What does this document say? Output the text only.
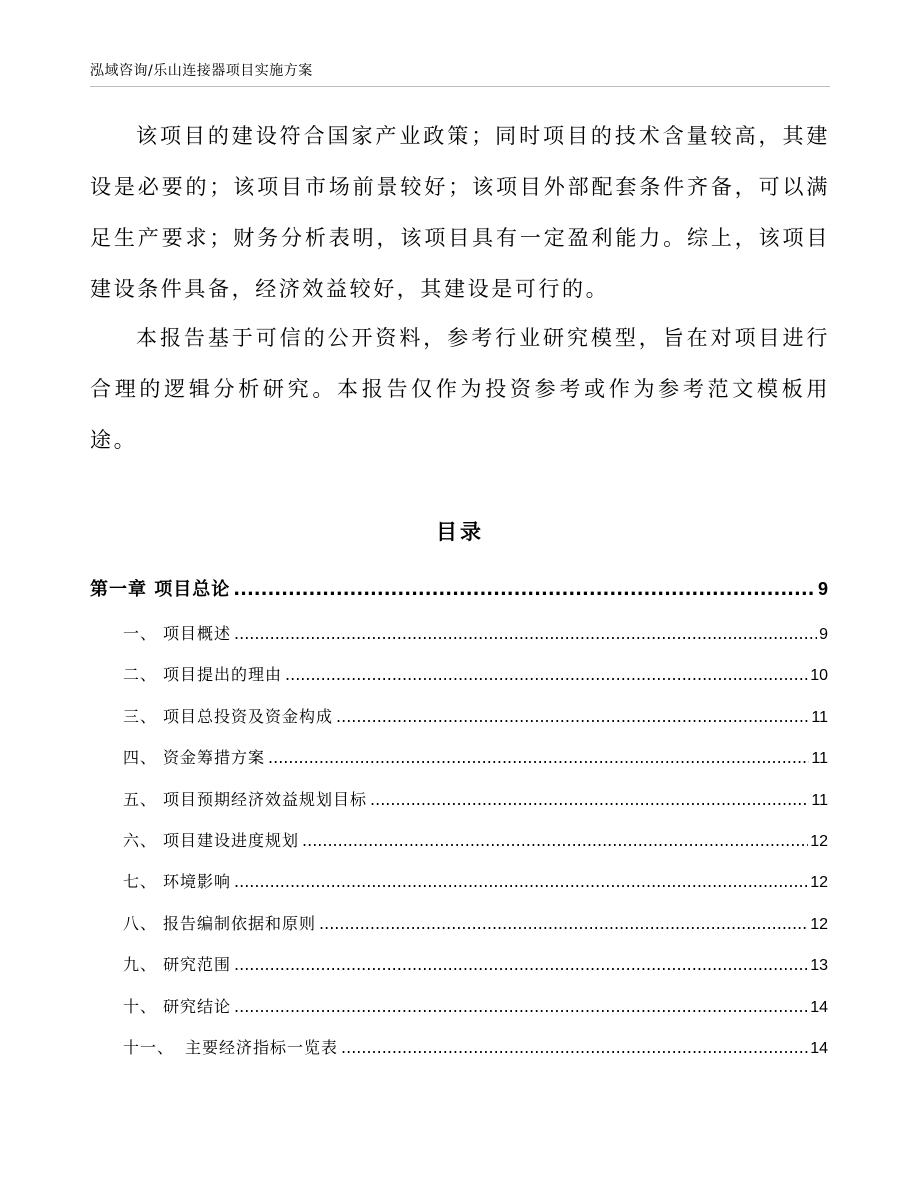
泓域咨询/乐山连接器项目实施方案

该项目的建设符合国家产业政策；同时项目的技术含量较高，其建设是必要的；该项目市场前景较好；该项目外部配套条件齐备，可以满足生产要求；财务分析表明，该项目具有一定盈利能力。综上，该项目建设条件具备，经济效益较好，其建设是可行的。

本报告基于可信的公开资料，参考行业研究模型，旨在对项目进行合理的逻辑分析研究。本报告仅作为投资参考或作为参考范文模板用途。

目录
第一章 项目总论 .....	9
一、 项目概述 .....	9
二、 项目提出的理由 .....	10
三、 项目总投资及资金构成 .....	11
四、 资金筹措方案 .....	11
五、 项目预期经济效益规划目标 .....	11
六、 项目建设进度规划 .....	12
七、 环境影响 .....	12
八、 报告编制依据和原则 .....	12
九、 研究范围 .....	13
十、 研究结论 .....	14
十一、 主要经济指标一览表 .....	14
